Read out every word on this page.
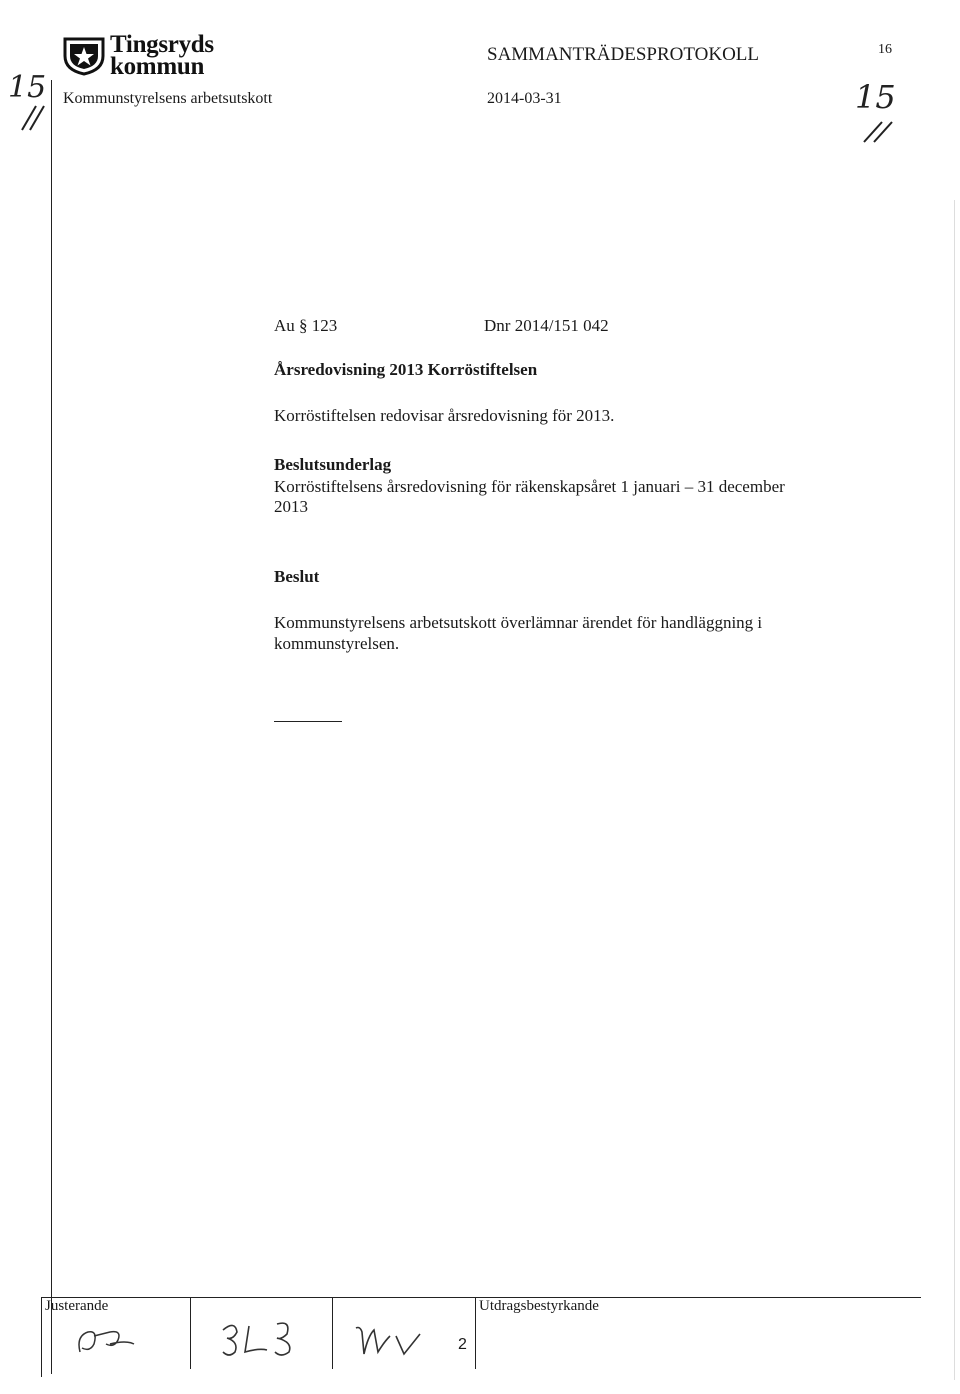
Tingsryds
kommun
Kommunstyrelsens arbetsutskott
SAMMANTRÄDESPROTOKOLL	16
2014-03-31
15	15
Au § 123	Dnr 2014/151 042
Årsredovisning 2013 Korröstiftelsen
Korröstiftelsen redovisar årsredovisning för 2013.
Beslutsunderlag
Korröstiftelsens årsredovisning för räkenskapsåret 1 januari – 31 december
2013
Beslut
Kommunstyrelsens arbetsutskott överlämnar ärendet för handläggning i
kommunstyrelsen.
Justerande	Utdragsbestyrkande
2
